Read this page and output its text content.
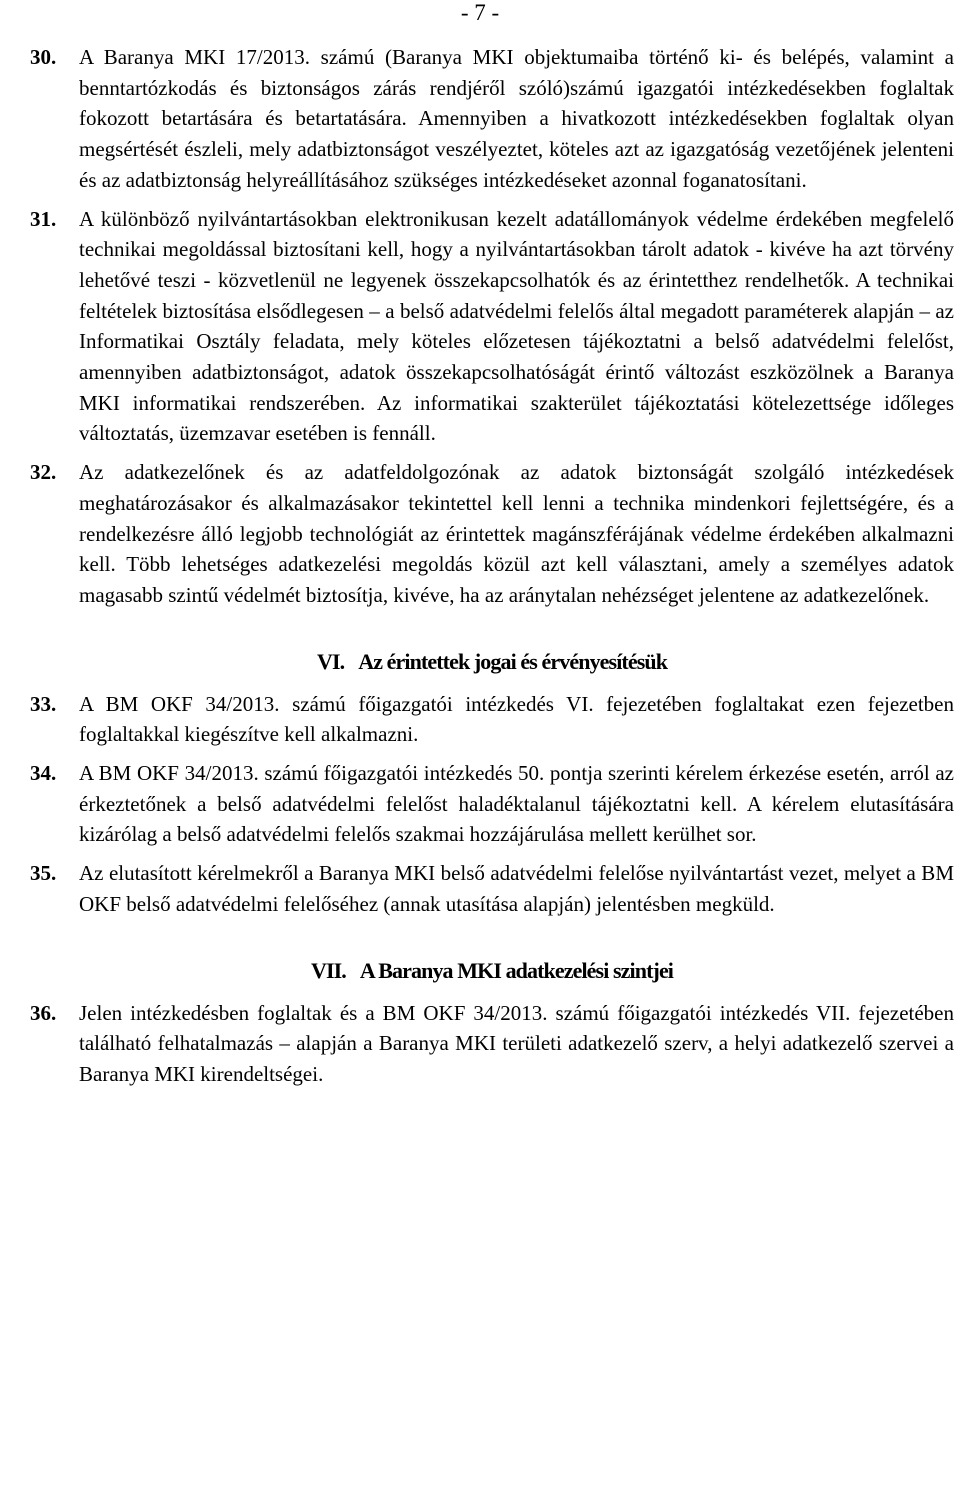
- 7 -
30.	A Baranya MKI 17/2013. számú (Baranya MKI objektumaiba történő ki- és belépés, valamint a benntartózkodás és biztonságos zárás rendjéről szóló)számú igazgatói intézkedésekben foglaltak fokozott betartására és betartatására. Amennyiben a hivatkozott intézkedésekben foglaltak olyan megsértését észleli, mely adatbiztonságot veszélyeztet, köteles azt az igazgatóság vezetőjének jelenteni és az adatbiztonság helyreállításához szükséges intézkedéseket azonnal foganatosítani.
31.	A különböző nyilvántartásokban elektronikusan kezelt adatállományok védelme érdekében megfelelő technikai megoldással biztosítani kell, hogy a nyilvántartásokban tárolt adatok - kivéve ha azt törvény lehetővé teszi - közvetlenül ne legyenek összekapcsolhatók és az érintetthez rendelhetők. A technikai feltételek biztosítása elsődlegesen – a belső adatvédelmi felelős által megadott paraméterek alapján – az Informatikai Osztály feladata, mely köteles előzetesen tájékoztatni a belső adatvédelmi felelőst, amennyiben adatbiztonságot, adatok összekapcsolhatóságát érintő változást eszközölnek a Baranya MKI informatikai rendszerében. Az informatikai szakterület tájékoztatási kötelezettsége időleges változtatás, üzemzavar esetében is fennáll.
32.	Az adatkezelőnek és az adatfeldolgozónak az adatok biztonságát szolgáló intézkedések meghatározásakor és alkalmazásakor tekintettel kell lenni a technika mindenkori fejlettségére, és a rendelkezésre álló legjobb technológiát az érintettek magánszférájának védelme érdekében alkalmazni kell. Több lehetséges adatkezelési megoldás közül azt kell választani, amely a személyes adatok magasabb szintű védelmét biztosítja, kivéve, ha az aránytalan nehézséget jelentene az adatkezelőnek.
VI. Az érintettek jogai és érvényesítésük
33.	A BM OKF 34/2013. számú főigazgatói intézkedés VI. fejezetében foglaltakat ezen fejezetben foglaltakkal kiegészítve kell alkalmazni.
34.	A BM OKF 34/2013. számú főigazgatói intézkedés 50. pontja szerinti kérelem érkezése esetén, arról az érkeztetőnek a belső adatvédelmi felelőst haladéktalanul tájékoztatni kell. A kérelem elutasítására kizárólag a belső adatvédelmi felelős szakmai hozzájárulása mellett kerülhet sor.
35.	Az elutasított kérelmekről a Baranya MKI belső adatvédelmi felelőse nyilvántartást vezet, melyet a BM OKF belső adatvédelmi felelőséhez (annak utasítása alapján) jelentésben megküld.
VII. A Baranya MKI adatkezelési szintjei
36.	Jelen intézkedésben foglaltak és a BM OKF 34/2013. számú főigazgatói intézkedés VII. fejezetében található felhatalmazás – alapján a Baranya MKI területi adatkezelő szerv, a helyi adatkezelő szervei a Baranya MKI kirendeltségei.
